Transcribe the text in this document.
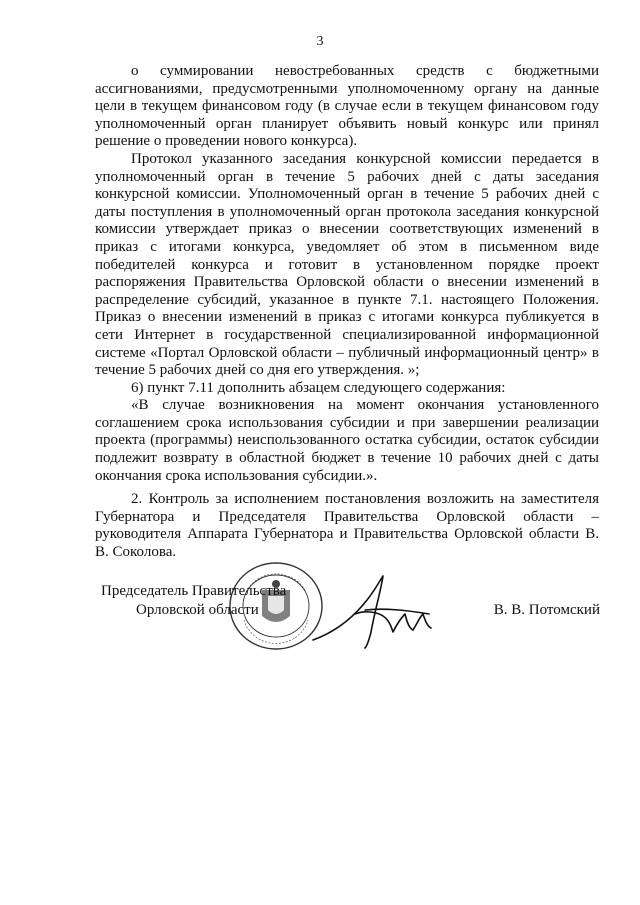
3

о суммировании невостребованных средств с бюджетными ассигнованиями, предусмотренными уполномоченному органу на данные цели в текущем финансовом году (в случае если в текущем финансовом году уполномоченный орган планирует объявить новый конкурс или принял решение о проведении нового конкурса).

Протокол указанного заседания конкурсной комиссии передается в уполномоченный орган в течение 5 рабочих дней с даты заседания конкурсной комиссии. Уполномоченный орган в течение 5 рабочих дней с даты поступления в уполномоченный орган протокола заседания конкурсной комиссии утверждает приказ о внесении соответствующих изменений в приказ с итогами конкурса, уведомляет об этом в письменном виде победителей конкурса и готовит в установленном порядке проект распоряжения Правительства Орловской области о внесении изменений в распределение субсидий, указанное в пункте 7.1. настоящего Положения. Приказ о внесении изменений в приказ с итогами конкурса публикуется в сети Интернет в государственной специализированной информационной системе «Портал Орловской области – публичный информационный центр» в течение 5 рабочих дней со дня его утверждения. »;

6) пункт 7.11 дополнить абзацем следующего содержания:

«В случае возникновения на момент окончания установленного соглашением срока использования субсидии и при завершении реализации проекта (программы) неиспользованного остатка субсидии, остаток субсидии подлежит возврату в областной бюджет в течение 10 рабочих дней с даты окончания срока использования субсидии.».

2. Контроль за исполнением постановления возложить на заместителя Губернатора и Председателя Правительства Орловской области – руководителя Аппарата Губернатора и Правительства Орловской области В. В. Соколова.

Председатель Правительства
Орловской области	В. В. Потомский
